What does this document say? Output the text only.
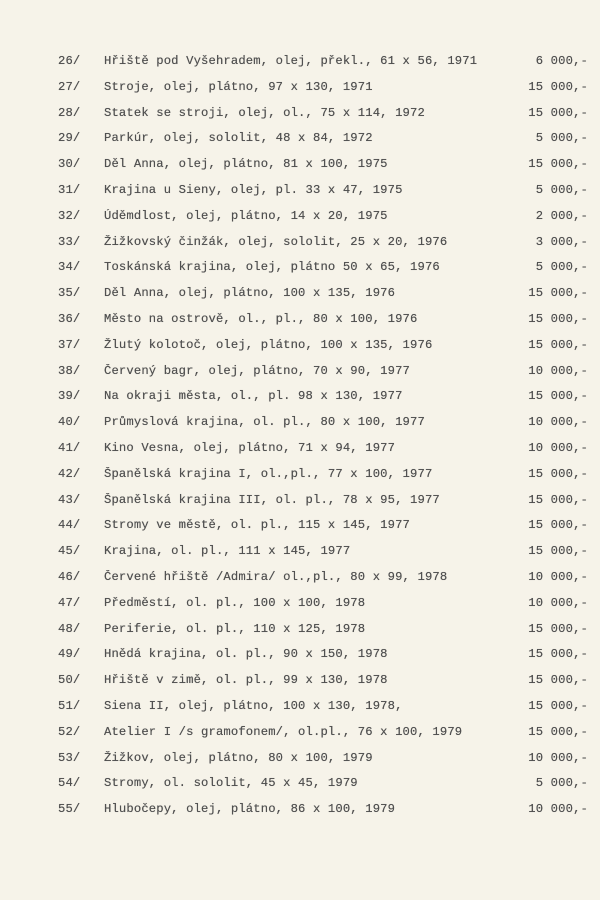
26/	Hřiště pod Vyšehradem, olej, překl., 61 x 56, 1971	6 000,-
27/	Stroje, olej, plátno, 97 x 130, 1971	15 000,-
28/	Statek se stroji, olej, ol., 75 x 114, 1972	15 000,-
29/	Parkúr, olej, sololit, 48 x 84, 1972	5 000,-
30/	Děl Anna, olej, plátno, 81 x 100, 1975	15 000,-
31/	Krajina u Sieny, olej, pl. 33 x 47, 1975	5 000,-
32/	Úděmdlost, olej, plátno, 14 x 20, 1975	2 000,-
33/	Žižkovský činžák, olej, sololit, 25 x 20, 1976	3 000,-
34/	Toskánská krajina, olej, plátno 50 x 65, 1976	5 000,-
35/	Děl Anna, olej, plátno, 100 x 135, 1976	15 000,-
36/	Město na ostrově, ol., pl., 80 x 100, 1976	15 000,-
37/	Žlutý kolotoč, olej, plátno, 100 x 135, 1976	15 000,-
38/	Červený bagr, olej, plátno, 70 x 90, 1977	10 000,-
39/	Na okraji města, ol., pl. 98 x 130, 1977	15 000,-
40/	Průmyslová krajina, ol. pl., 80 x 100, 1977	10 000,-
41/	Kino Vesna, olej, plátno, 71 x 94, 1977	10 000,-
42/	Španělská krajina I, ol.,pl., 77 x 100, 1977	15 000,-
43/	Španělská krajina III, ol. pl., 78 x 95, 1977	15 000,-
44/	Stromy ve městě, ol. pl., 115 x 145, 1977	15 000,-
45/	Krajina, ol. pl., 111 x 145, 1977	15 000,-
46/	Červené hřiště /Admira/ ol.,pl., 80 x 99, 1978	10 000,-
47/	Předměstí, ol. pl., 100 x 100, 1978	10 000,-
48/	Periferie, ol. pl., 110 x 125, 1978	15 000,-
49/	Hnědá krajina, ol. pl., 90 x 150, 1978	15 000,-
50/	Hřiště v zimě, ol. pl., 99 x 130, 1978	15 000,-
51/	Siena II, olej, plátno, 100 x 130, 1978,	15 000,-
52/	Atelier I /s gramofonem/, ol.pl., 76 x 100, 1979	15 000,-
53/	Žižkov, olej, plátno, 80 x 100, 1979	10 000,-
54/	Stromy, ol. sololit, 45 x 45, 1979	5 000,-
55/	Hlubočepy, olej, plátno, 86 x 100, 1979	10 000,-
